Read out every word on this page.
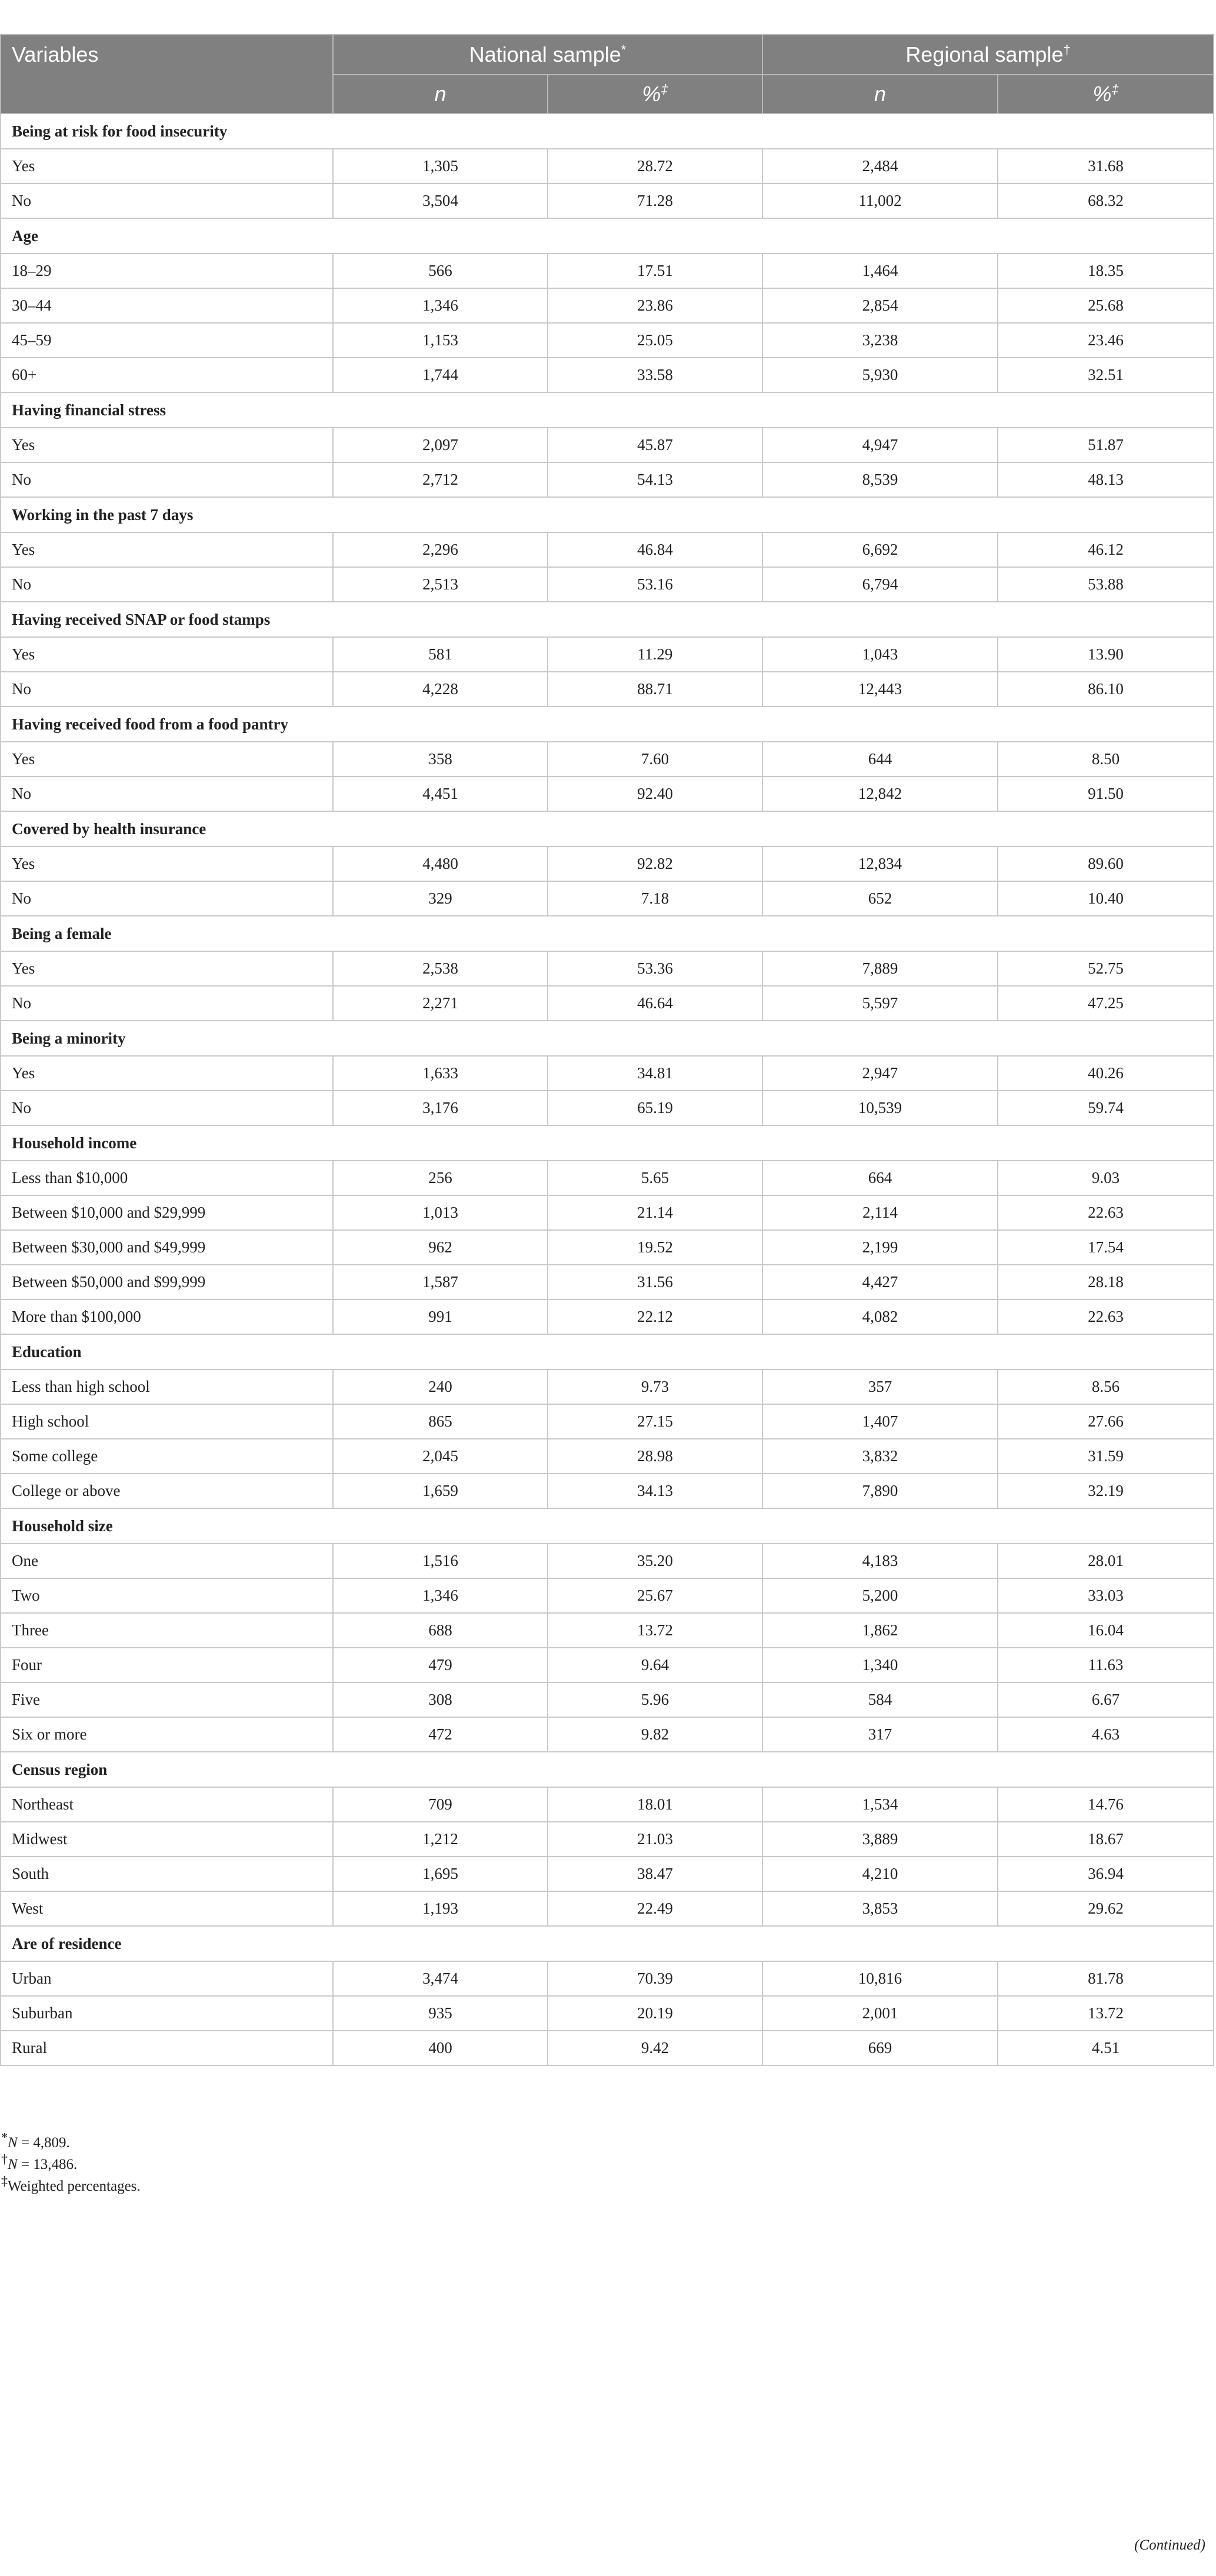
Variables	National sample*		Regional sample†
	n	%‡	n	%‡
Being at risk for food insecurity				
Yes	1,305	28.72	2,484	31.68
No	3,504	71.28	11,002	68.32
Age				
18–29	566	17.51	1,464	18.35
30–44	1,346	23.86	2,854	25.68
45–59	1,153	25.05	3,238	23.46
60+	1,744	33.58	5,930	32.51
Having financial stress				
Yes	2,097	45.87	4,947	51.87
No	2,712	54.13	8,539	48.13
Working in the past 7 days				
Yes	2,296	46.84	6,692	46.12
No	2,513	53.16	6,794	53.88
Having received SNAP or food stamps				
Yes	581	11.29	1,043	13.90
No	4,228	88.71	12,443	86.10
Having received food from a food pantry				
Yes	358	7.60	644	8.50
No	4,451	92.40	12,842	91.50
Covered by health insurance				
Yes	4,480	92.82	12,834	89.60
No	329	7.18	652	10.40
Being a female				
Yes	2,538	53.36	7,889	52.75
No	2,271	46.64	5,597	47.25
Being a minority				
Yes	1,633	34.81	2,947	40.26
No	3,176	65.19	10,539	59.74
Household income				
Less than $10,000	256	5.65	664	9.03
Between $10,000 and $29,999	1,013	21.14	2,114	22.63
Between $30,000 and $49,999	962	19.52	2,199	17.54
Between $50,000 and $99,999	1,587	31.56	4,427	28.18
More than $100,000	991	22.12	4,082	22.63
Education				
Less than high school	240	9.73	357	8.56
High school	865	27.15	1,407	27.66
Some college	2,045	28.98	3,832	31.59
College or above	1,659	34.13	7,890	32.19
Household size				
One	1,516	35.20	4,183	28.01
Two	1,346	25.67	5,200	33.03
Three	688	13.72	1,862	16.04
Four	479	9.64	1,340	11.63
Five	308	5.96	584	6.67
Six or more	472	9.82	317	4.63
Census region				
Northeast	709	18.01	1,534	14.76
Midwest	1,212	21.03	3,889	18.67
South	1,695	38.47	4,210	36.94
West	1,193	22.49	3,853	29.62
Are of residence				
Urban	3,474	70.39	10,816	81.78
Suburban	935	20.19	2,001	13.72
Rural	400	9.42	669	4.51
*N = 4,809.
†N = 13,486.
‡Weighted percentages.
(Continued)
